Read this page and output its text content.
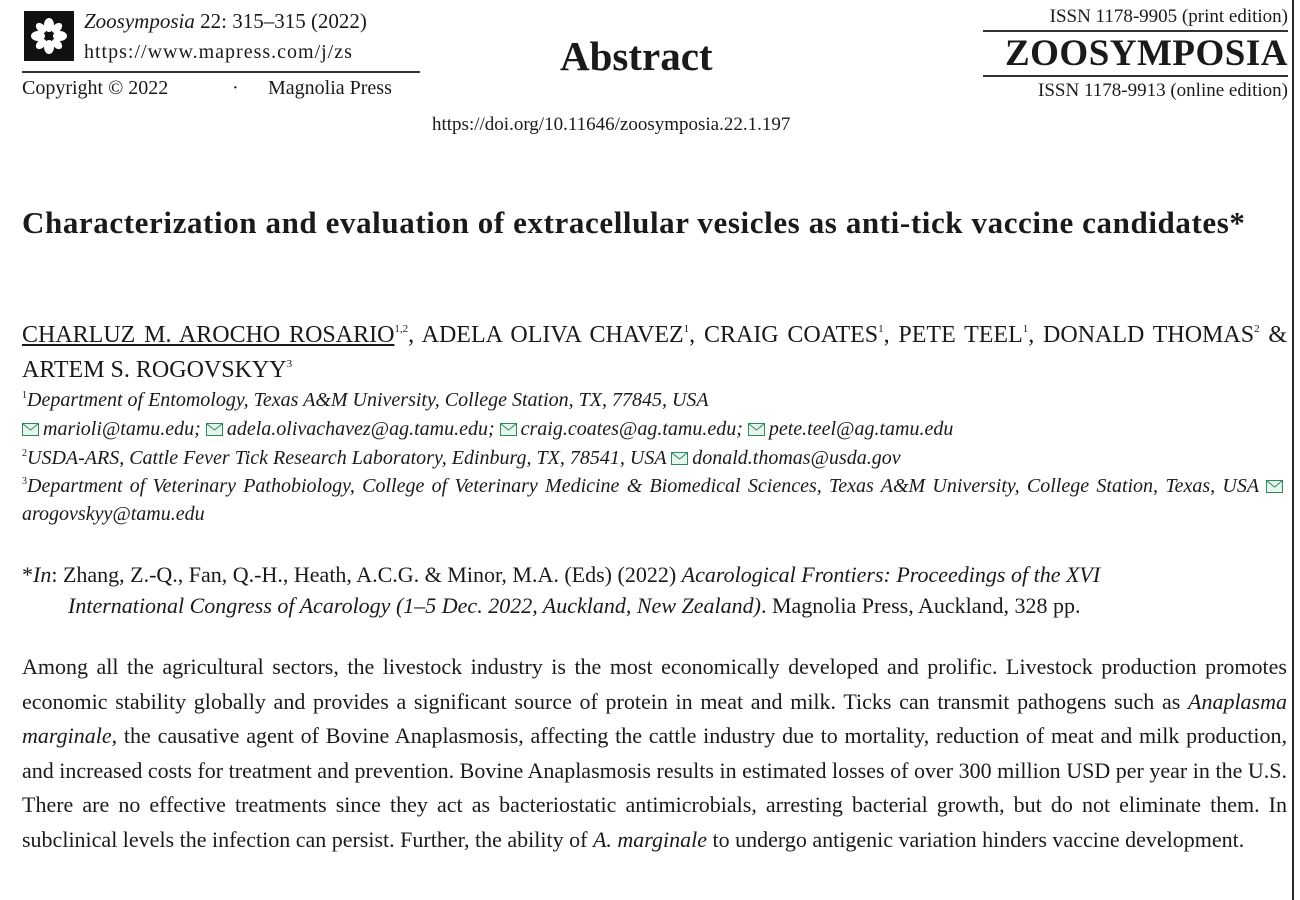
Zoosymposia 22: 315–315 (2022)
https://www.mapress.com/j/zs
Copyright © 2022	· Magnolia Press
Abstract
https://doi.org/10.11646/zoosymposia.22.1.197
ISSN 1178-9905 (print edition)
ZOOSYMPOSIA
ISSN 1178-9913 (online edition)
Characterization and evaluation of extracellular vesicles as anti-tick vaccine candidates*
CHARLUZ M. AROCHO ROSARIO$^{1,2}$, ADELA OLIVA CHAVEZ$^1$, CRAIG COATES$^1$, PETE TEEL$^1$, DONALD THOMAS$^2$ & ARTEM S. ROGOVSKYY$^3$
$^1$Department of Entomology, Texas A&M University, College Station, TX, 77845, USA
marioli@tamu.edu; adela.olivachavez@ag.tamu.edu; craig.coates@ag.tamu.edu; pete.teel@ag.tamu.edu
$^2$USDA-ARS, Cattle Fever Tick Research Laboratory, Edinburg, TX, 78541, USA donald.thomas@usda.gov
$^3$Department of Veterinary Pathobiology, College of Veterinary Medicine & Biomedical Sciences, Texas A&M University, College Station, Texas, USA arogovskyy@tamu.edu
*In: Zhang, Z.-Q., Fan, Q.-H., Heath, A.C.G. & Minor, M.A. (Eds) (2022) Acarological Frontiers: Proceedings of the XVI
International Congress of Acarology (1–5 Dec. 2022, Auckland, New Zealand). Magnolia Press, Auckland, 328 pp.
Among all the agricultural sectors, the livestock industry is the most economically developed and prolific. Livestock production promotes economic stability globally and provides a significant source of protein in meat and milk. Ticks can transmit pathogens such as Anaplasma marginale, the causative agent of Bovine Anaplasmosis, affecting the cattle industry due to mortality, reduction of meat and milk production, and increased costs for treatment and prevention. Bovine Anaplasmosis results in estimated losses of over 300 million USD per year in the U.S. There are no effective treatments since they act as bacteriostatic antimicrobials, arresting bacterial growth, but do not eliminate them. In subclinical levels the infection can persist. Further, the ability of A. marginale to undergo antigenic variation hinders vaccine development.
